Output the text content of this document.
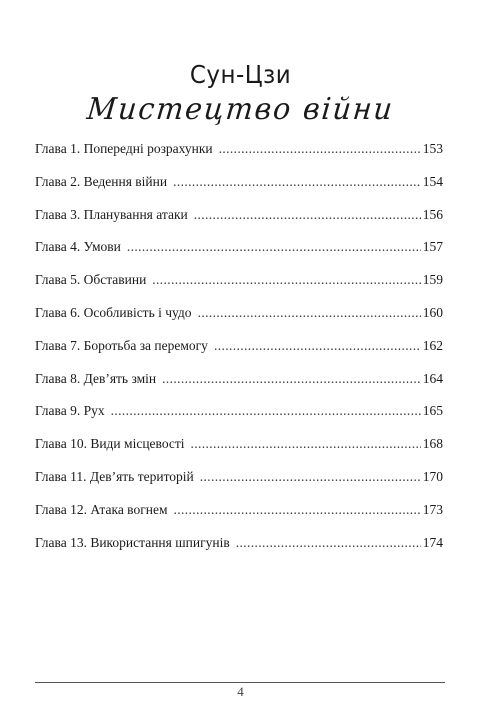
Сун-Цзи
Мистецтво війни
Глава 1. Попередні розрахунки . . .	153
Глава 2. Ведення війни . . .	154
Глава 3. Планування атаки . . .	156
Глава 4. Умови . . .	157
Глава 5. Обставини . . .	159
Глава 6. Особливість і чудо . . .	160
Глава 7. Боротьба за перемогу . . .	162
Глава 8. Дев’ять змін . . .	164
Глава 9. Рух . . .	165
Глава 10. Види місцевості . . .	168
Глава 11. Дев’ять територій . . .	170
Глава 12. Атака вогнем . . .	173
Глава 13. Використання шпигунів . . .	174
4
